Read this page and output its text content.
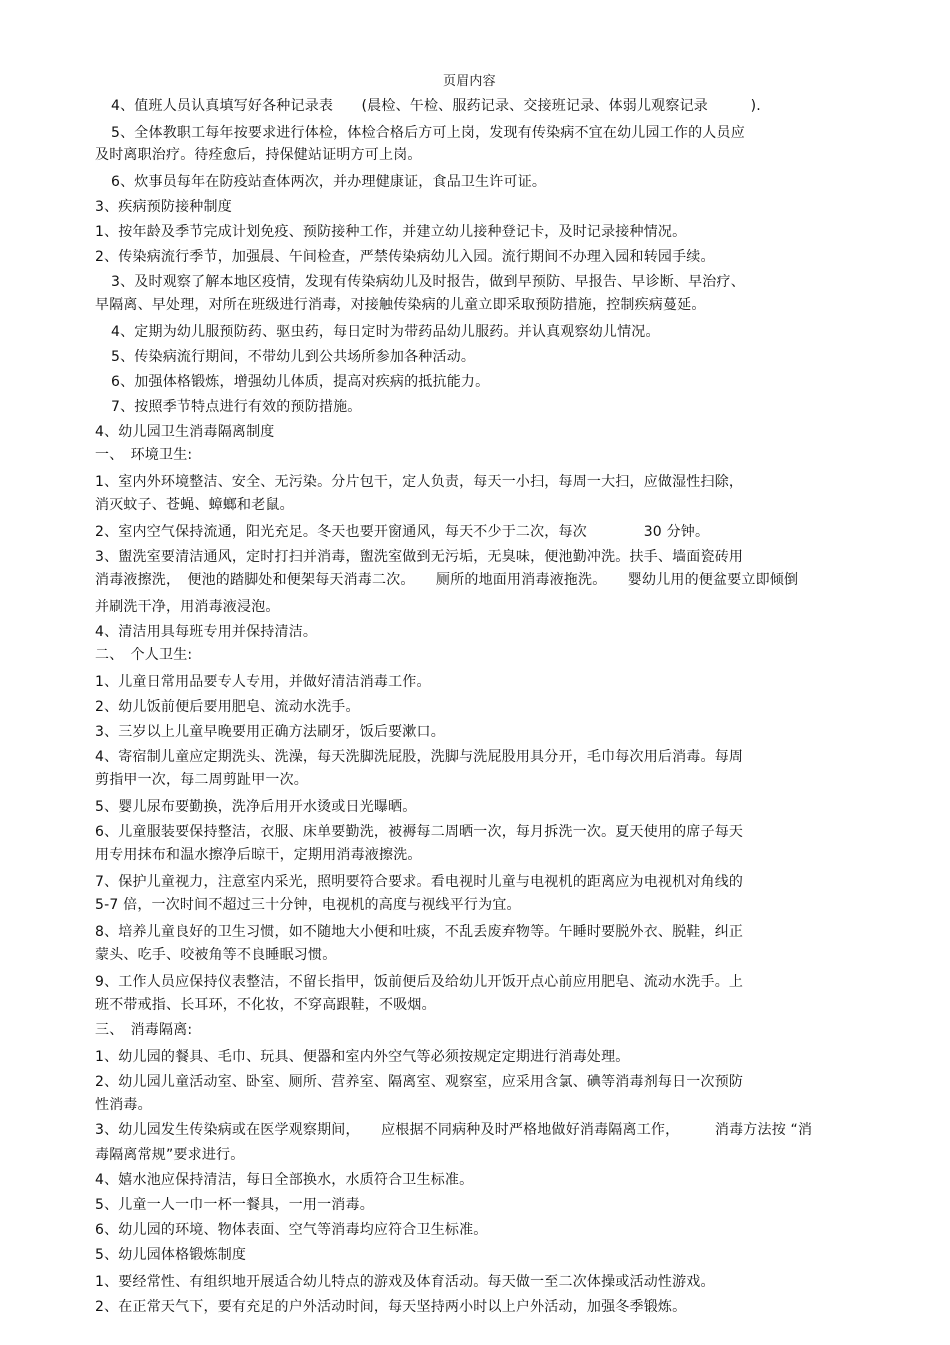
页眉内容
4、值班人员认真填写好各种记录表　　(晨检、午检、服药记录、交接班记录、体弱儿观察记录　　　).
5、全体教职工每年按要求进行体检，体检合格后方可上岗，发现有传染病不宜在幼儿园工作的人员应
及时离职治疗。待痊愈后，持保健站证明方可上岗。
6、炊事员每年在防疫站查体两次，并办理健康证，食品卫生许可证。
3、疾病预防接种制度
1、按年龄及季节完成计划免疫、预防接种工作，并建立幼儿接种登记卡，及时记录接种情况。
2、传染病流行季节，加强晨、午间检查，严禁传染病幼儿入园。流行期间不办理入园和转园手续。
3、及时观察了解本地区疫情，发现有传染病幼儿及时报告，做到早预防、早报告、早诊断、早治疗、
早隔离、早处理，对所在班级进行消毒，对接触传染病的儿童立即采取预防措施，控制疾病蔓延。
4、定期为幼儿服预防药、驱虫药，每日定时为带药品幼儿服药。并认真观察幼儿情况。
5、传染病流行期间，不带幼儿到公共场所参加各种活动。
6、加强体格锻炼，增强幼儿体质，提高对疾病的抵抗能力。
7、按照季节特点进行有效的预防措施。
4、幼儿园卫生消毒隔离制度
一、　环境卫生:
1、室内外环境整洁、安全、无污染。分片包干，定人负责，每天一小扫，每周一大扫，应做湿性扫除，
消灭蚊子、苍蝇、蟑螂和老鼠。
2、室内空气保持流通，阳光充足。冬天也要开窗通风，每天不少于二次，每次　　　　30 分钟。
3、盥洗室要清洁通风，定时打扫并消毒，盥洗室做到无污垢，无臭味，便池勤冲洗。扶手、墙面瓷砖用
消毒液擦洗，　便池的踏脚处和便架每天消毒二次。　　厕所的地面用消毒液拖洗。　　婴幼儿用的便盆要立即倾倒
并刷洗干净，用消毒液浸泡。
4、清洁用具每班专用并保持清洁。
二、　个人卫生:
1、儿童日常用品要专人专用，并做好清洁消毒工作。
2、幼儿饭前便后要用肥皂、流动水洗手。
3、三岁以上儿童早晚要用正确方法刷牙，饭后要漱口。
4、寄宿制儿童应定期洗头、洗澡，每天洗脚洗屁股，洗脚与洗屁股用具分开，毛巾每次用后消毒。每周
剪指甲一次，每二周剪趾甲一次。
5、婴儿尿布要勤换，洗净后用开水烫或日光曝晒。
6、儿童服装要保持整洁，衣服、床单要勤洗，被褥每二周晒一次，每月拆洗一次。夏天使用的席子每天
用专用抹布和温水擦净后晾干，定期用消毒液擦洗。
7、保护儿童视力，注意室内采光，照明要符合要求。看电视时儿童与电视机的距离应为电视机对角线的
5-7 倍，一次时间不超过三十分钟，电视机的高度与视线平行为宜。
8、培养儿童良好的卫生习惯，如不随地大小便和吐痰，不乱丢废弃物等。午睡时要脱外衣、脱鞋，纠正
蒙头、吃手、咬被角等不良睡眠习惯。
9、工作人员应保持仪表整洁，不留长指甲，饭前便后及给幼儿开饭开点心前应用肥皂、流动水洗手。上
班不带戒指、长耳环，不化妆，不穿高跟鞋，不吸烟。
三、　消毒隔离:
1、幼儿园的餐具、毛巾、玩具、便器和室内外空气等必须按规定定期进行消毒处理。
2、幼儿园儿童活动室、卧室、厕所、营养室、隔离室、观察室，应采用含氯、碘等消毒剂每日一次预防
性消毒。
3、幼儿园发生传染病或在医学观察期间，　　应根据不同病种及时严格地做好消毒隔离工作，　　　消毒方法按 “消
毒隔离常规”要求进行。
4、嬉水池应保持清洁，每日全部换水，水质符合卫生标准。
5、儿童一人一巾一杯一餐具，一用一消毒。
6、幼儿园的环境、物体表面、空气等消毒均应符合卫生标准。
5、幼儿园体格锻炼制度
1、要经常性、有组织地开展适合幼儿特点的游戏及体育活动。每天做一至二次体操或活动性游戏。
2、在正常天气下，要有充足的户外活动时间，每天坚持两小时以上户外活动，加强冬季锻炼。
